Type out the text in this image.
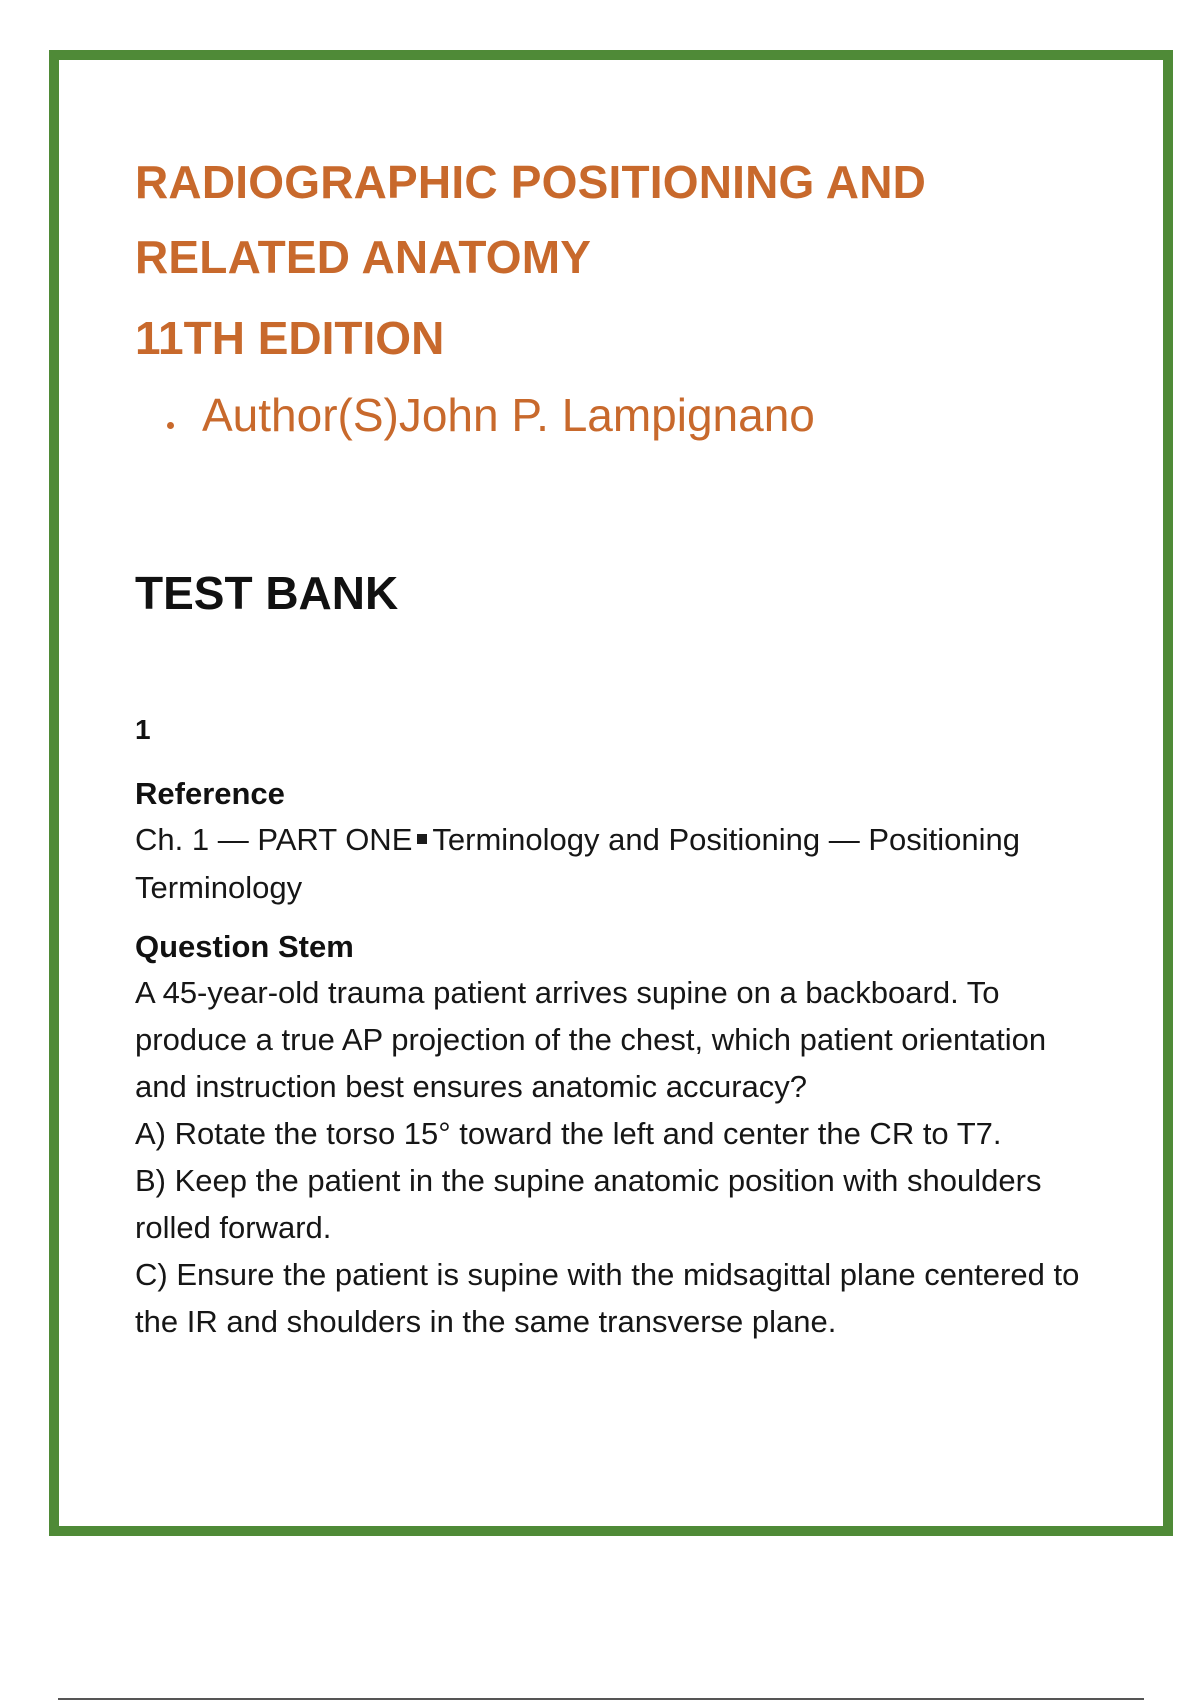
RADIOGRAPHIC POSITIONING AND
RELATED ANATOMY
11TH EDITION
Author(S)John P. Lampignano
TEST BANK
1
Reference

Ch. 1 — PART ONE Terminology and Positioning — Positioning Terminology

Question Stem

A 45-year-old trauma patient arrives supine on a backboard. To produce a true AP projection of the chest, which patient orientation and instruction best ensures anatomic accuracy?

A) Rotate the torso 15° toward the left and center the CR to T7.
B) Keep the patient in the supine anatomic position with shoulders rolled forward.
C) Ensure the patient is supine with the midsagittal plane centered to the IR and shoulders in the same transverse plane.
